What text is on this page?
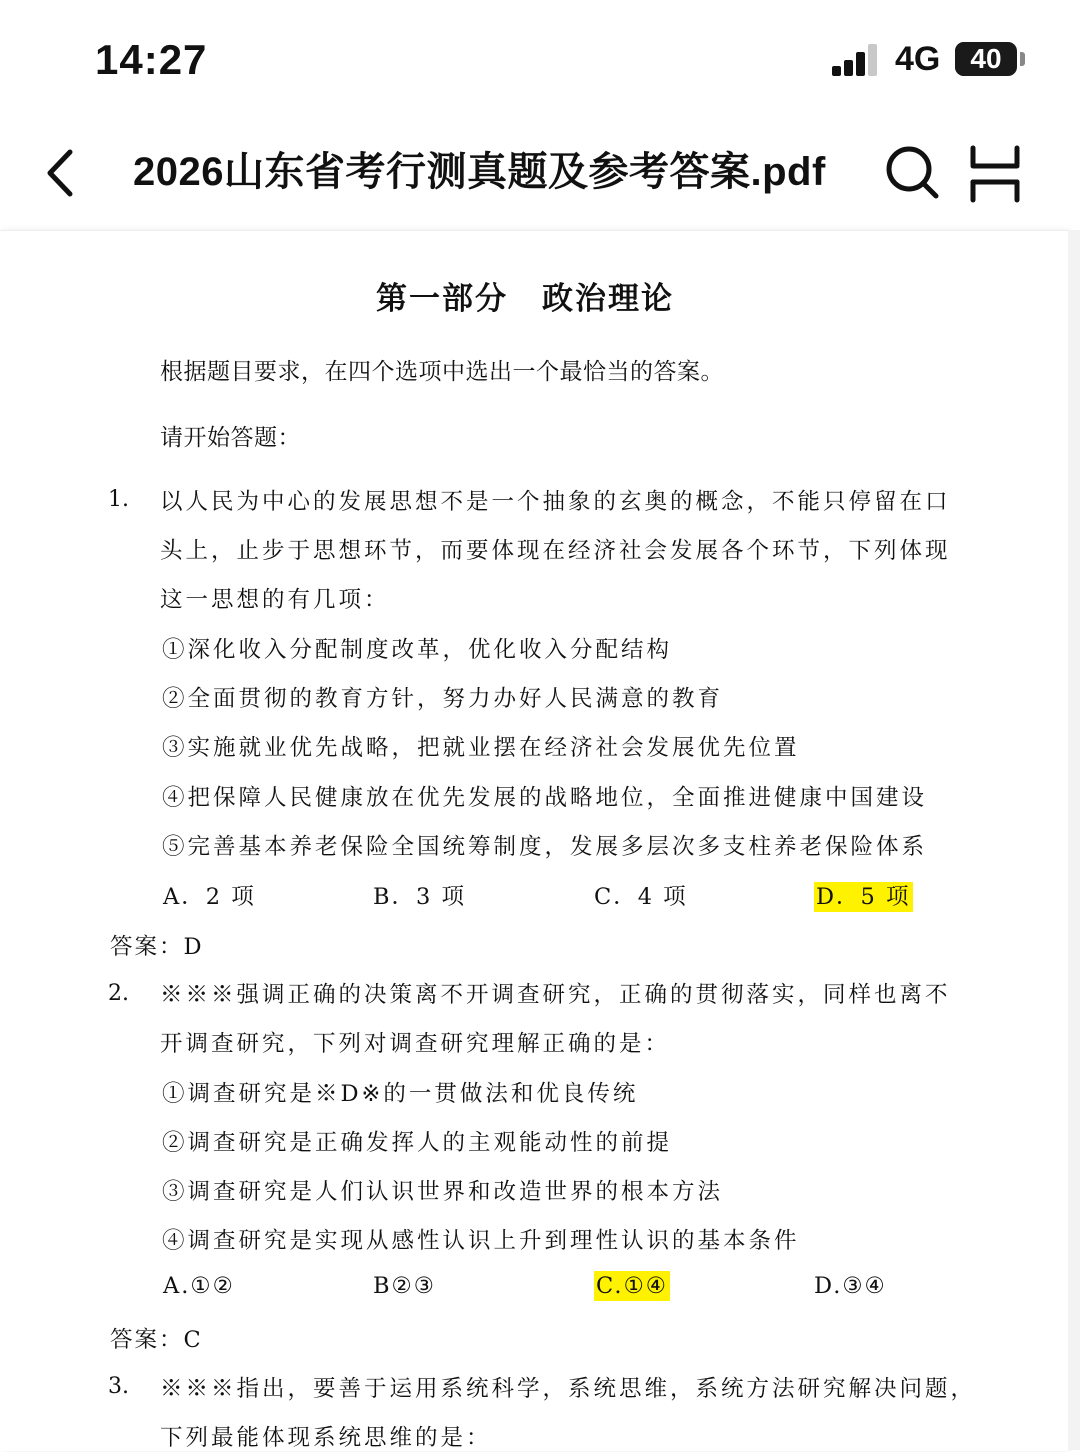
14:27	4G	40
2026山东省考行测真题及参考答案.pdf
第一部分 政治理论
根据题目要求，在四个选项中选出一个最恰当的答案。
请开始答题：
1. 以人民为中心的发展思想不是一个抽象的玄奥的概念，不能只停留在口
头上，止步于思想环节，而要体现在经济社会发展各个环节，下列体现
这一思想的有几项：
①深化收入分配制度改革，优化收入分配结构
②全面贯彻的教育方针，努力办好人民满意的教育
③实施就业优先战略，把就业摆在经济社会发展优先位置
④把保障人民健康放在优先发展的战略地位，全面推进健康中国建设
⑤完善基本养老保险全国统筹制度，发展多层次多支柱养老保险体系
A．2 项	B．3 项	C．4 项	D．5 项
答案：D
2. ※※※强调正确的决策离不开调查研究，正确的贯彻落实，同样也离不
开调查研究，下列对调查研究理解正确的是：
①调查研究是※D※的一贯做法和优良传统
②调查研究是正确发挥人的主观能动性的前提
③调查研究是人们认识世界和改造世界的根本方法
④调查研究是实现从感性认识上升到理性认识的基本条件
A.①②	B②③	C.①④	D.③④
答案：C
3. ※※※指出，要善于运用系统科学，系统思维，系统方法研究解决问题，
下列最能体现系统思维的是：
